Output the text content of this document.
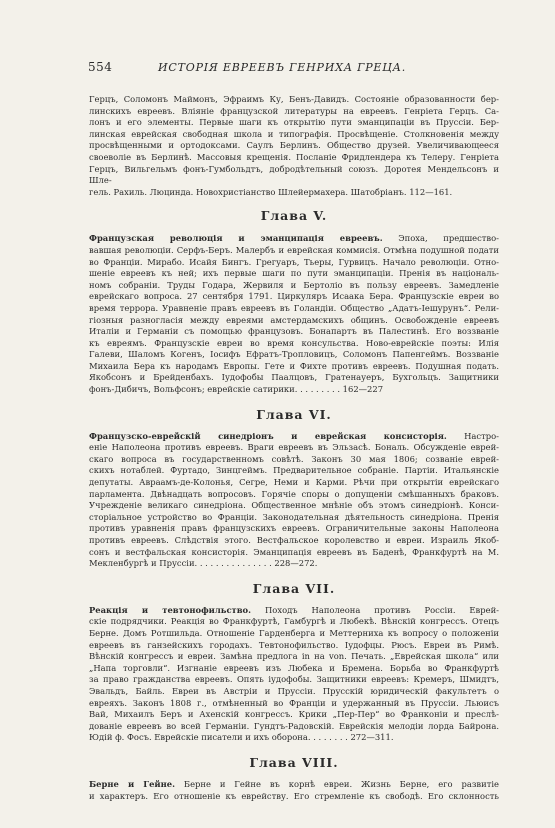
554	ИСТОРІЯ ЕВРЕЕВЪ ГЕНРИХА ГРЕЦА.

Герцъ, Соломонъ Маймонъ, Эфраимъ Ку, Бенъ-Давидъ. Состояніе образованности бер-

линскихъ евреевъ. Вліяніе французской литературы на евреевъ. Генріета Герцъ. Са-

лонъ и его элементы. Первые шаги къ открытію пути эманципаціи въ Пруссіи. Бер-

линская еврейская свободная школа и типографія. Просвѣщеніе. Столкновенія между

просвѣщенными и ортодоксами. Саулъ Берлинъ. Общество друзей. Увеличивающееся

своеволіе въ Берлинѣ. Массовыя крещенія. Посланіе Фридлендера къ Телеру. Генріета

Герцъ, Вильгельмъ фонъ-Гумбольдтъ, добродѣтельный союзъ. Доротея Мендельсонъ и Шле-

гель. Рахиль. Люцинда. Новохристіанство Шлейермахера. Шатобріанъ. 112—161.

Глава V.

Французская революція и эманципація евреевъ. Эпоха, предшество-

вавшая революціи. Серфъ-Беръ. Малербъ и еврейская коммисія. Отмѣна подушной подати

во Франціи. Мирабо. Исайя Бингъ. Грегуаръ, Тьеры, Гурвицъ. Начало революціи. Отно-

шеніе евреевъ къ ней; ихъ первые шаги по пути эманципаціи. Пренія въ національ-

номъ собраніи. Труды Годара, Жервиля и Бертоліо въ пользу евреевъ. Замедленіе

еврейскаго вопроса. 27 сентября 1791. Циркуляръ Исаака Бера. Французскіе евреи во

время террора. Уравненіе правъ евреевъ въ Голандіи. Общество „Адатъ-Іешурунъ“. Рели-

гіозныя разногласія между евреями амстердамскихъ общинъ. Освобожденіе евреевъ

Италіи и Германіи съ помощью французовъ. Бонапартъ въ Палестинѣ. Его воззваніе

къ евреямъ. Французскіе евреи во время консульства. Ново-еврейскіе поэты: Илія

Галеви, Шаломъ Когенъ, Іосифъ Ефратъ-Тропловицъ, Соломонъ Папенгеймъ. Воззваніе

Михаила Бера къ народамъ Европы. Гете и Фихте противъ евреевъ. Подушная подать.

Якобсонъ и Брейденбахъ. Іудофобы Паалцовъ, Гратенауеръ, Бухгольцъ. Защитники

фонъ-Дибичъ, Вольфсонъ; еврейскіе сатирики. . . . . . . . . 162—227

Глава VI.

Французско-еврейскій синедріонъ и еврейская консисторія. Настро-

еніе Наполеона противъ евреевъ. Враги евреевъ въ Эльзасѣ. Бональ. Обсужденіе еврей-

скаго вопроса въ государственномъ совѣтѣ. Законъ 30 мая 1806; созваніе еврей-

скихъ нотаблей. Фуртадо, Зинцгеймъ. Предварительное собраніе. Партіи. Итальянскіе

депутаты. Авраамъ-де-Колонья, Сегре, Неми и Карми. Рѣчи при открытіи еврейскаго

парламента. Двѣнадцать вопросовъ. Горячіе споры о допущеніи смѣшанныхъ браковъ.

Учрежденіе великаго синедріона. Общественное мнѣніе объ этомъ синедріонѣ. Конси-

сторіальное устройство во Франціи. Законодательная дѣятельность синедріона. Пренія

противъ уравненія правъ французскихъ евреевъ. Ограничительные законы Наполеона

противъ евреевъ. Слѣдствія этого. Вестфальское королевство и евреи. Израиль Якоб-

сонъ и вестфальская консисторія. Эманципація евреевъ въ Баденѣ, Франкфуртѣ на М.

Мекленбургѣ и Пруссіи. . . . . . . . . . . . . . . 228—272.

Глава VII.

Реакція и тевтонофильство. Походъ Наполеона противъ Россіи. Еврей-

скіе подрядчики. Реакція во Франкфуртѣ, Гамбургѣ и Любекѣ. Вѣнскій конгрессъ. Отецъ

Берне. Домъ Ротшильда. Отношеніе Гарденберга и Меттерниха къ вопросу о положеніи

евреевъ въ ганзейскихъ городахъ. Тевтонофильство. Іудофцы. Рюсъ. Евреи въ Римѣ.

Вѣнскій конгрессъ и евреи. Замѣна предлога in на von. Печать. „Еврейская школа“ или

„Напа торговли“. Изгнаніе евреевъ изъ Любека и Бремена. Борьба во Франкфуртѣ

за право гражданства евреевъ. Опять іудофобы. Защитники евреевъ: Кремеръ, Шмидтъ,

Эвальдъ, Байль. Евреи въ Австріи и Пруссіи. Прусскій юридическій факультетъ о

евреяхъ. Законъ 1808 г., отмѣненный во Франціи и удержанный въ Пруссіи. Льюисъ

Вай, Михаилъ Беръ и Ахенскій конгрессъ. Крики „Пер-Пер“ во Франконіи и преслѣ-

дованіе евреевъ во всей Германіи. Гундтъ-Радовскій. Еврейскія мелодіи лорда Байрона.

Юдій ф. Фосъ. Еврейскіе писатели и ихъ оборона. . . . . . . . 272—311.

Глава VIII.

Берне и Гейне. Берне и Гейне въ корнѣ евреи. Жизнь Берне, его развитіе

и характеръ. Его отношеніе къ еврейству. Его стремленіе къ свободѣ. Его склонность
